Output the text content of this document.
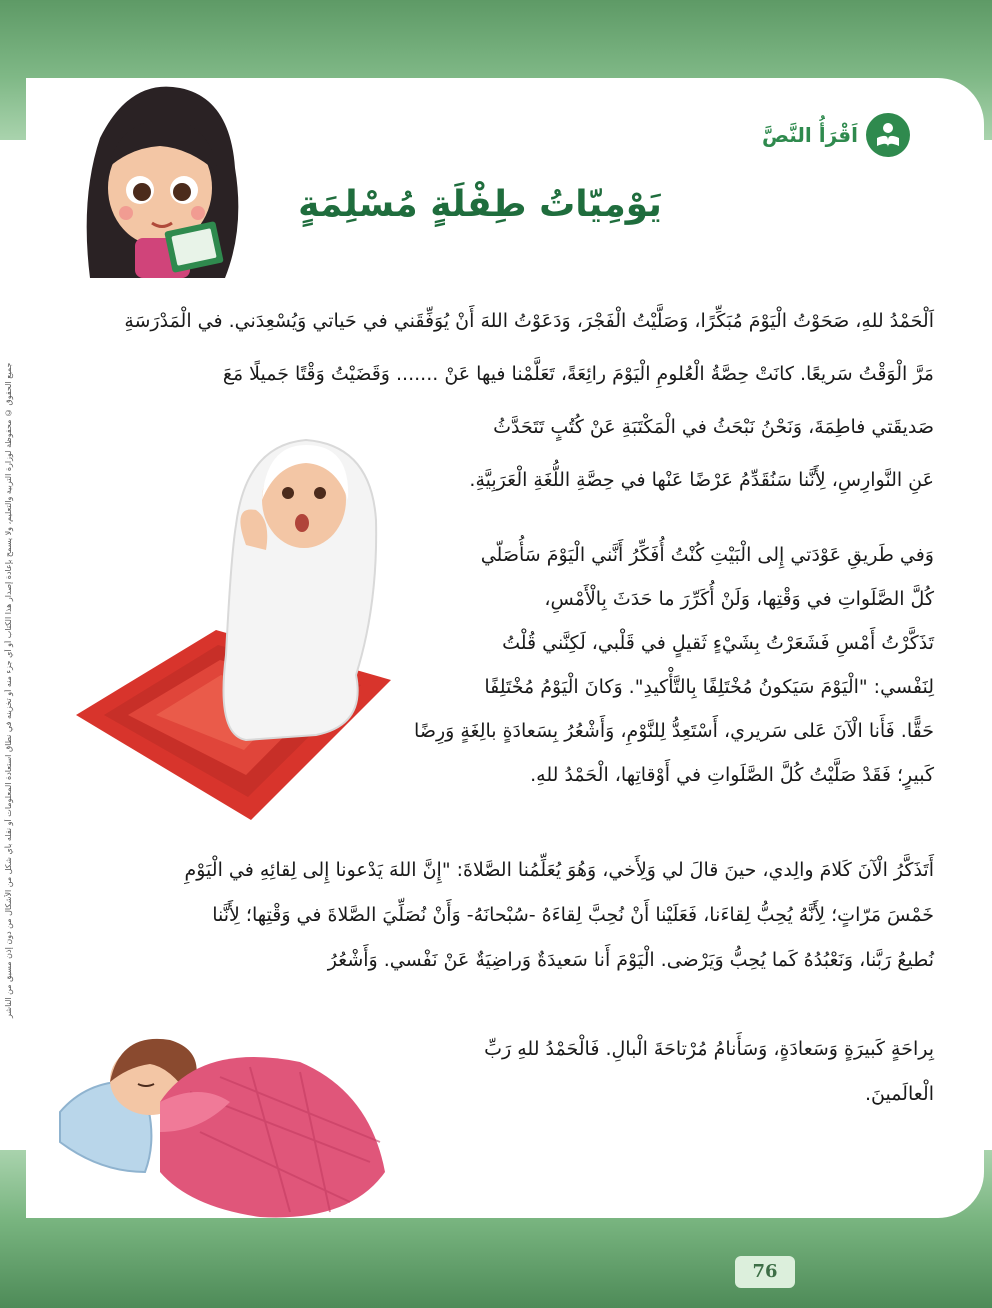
جميع الحقوق © محفوظة لوزارة التربية والتعليم، ولا يسمح بإعادة إصدار هذا الكتاب أو أي جزء منه أو تخزينه في نطاق استعادة المعلومات أو نقله بأي شكل من الأشكال من دون إذن مسبق من الناشر
اَقْرَأُ النَّصَّ
يَوْمِيّاتُ طِفْلَةٍ مُسْلِمَةٍ

اَلْحَمْدُ للهِ، صَحَوْتُ الْيَوْمَ مُبَكِّرًا، وَصَلَّيْتُ الْفَجْرَ، وَدَعَوْتُ اللهَ أَنْ يُوَفِّقَني في حَياتي وَيُسْعِدَني. في الْمَدْرَسَةِ

مَرَّ الْوَقْتُ سَريعًا. كانَتْ حِصَّةُ الْعُلومِ الْيَوْمَ رائِعَةً، تَعَلَّمْنا فيها عَنْ ....... وَقَضَيْتُ وَقْتًا جَميلًا مَعَ

صَديقَتي فاطِمَةَ، وَنَحْنُ نَبْحَثُ في الْمَكْتَبَةِ عَنْ كُتُبٍ تَتَحَدَّثُ

عَنِ النَّوارِسِ، لِأَنَّنا سَنُقَدِّمُ عَرْضًا عَنْها في حِصَّةِ اللُّغَةِ الْعَرَبِيَّةِ.

وَفي طَريقِ عَوْدَتي إِلى الْبَيْتِ كُنْتُ أُفَكِّرُ أَنَّني الْيَوْمَ سَأُصَلّي

كُلَّ الصَّلَواتِ في وَقْتِها، وَلَنْ أُكَرِّرَ ما حَدَثَ بِالْأَمْسِ،

تَذَكَّرْتُ أَمْسِ فَشَعَرْتُ بِشَيْءٍ ثَقيلٍ في قَلْبي، لَكِنَّني قُلْتُ

لِنَفْسي: "الْيَوْمَ سَيَكونُ مُخْتَلِفًا بِالتَّأْكيدِ". وَكانَ الْيَوْمُ مُخْتَلِفًا

حَقًّا. فَأَنا الْآنَ عَلى سَريري، أَسْتَعِدُّ لِلنَّوْمِ، وَأَشْعُرُ بِسَعادَةٍ بالِغَةٍ وَرِضًا

كَبيرٍ؛ فَقَدْ صَلَّيْتُ كُلَّ الصَّلَواتِ في أَوْقاتِها، الْحَمْدُ للهِ.

أَتَذَكَّرُ الْآنَ كَلامَ والِدي، حينَ قالَ لي وَلِأَخي، وَهُوَ يُعَلِّمُنا الصَّلاةَ: "إِنَّ اللهَ يَدْعونا إِلى لِقائِهِ في الْيَوْمِ

خَمْسَ مَرّاتٍ؛ لِأَنَّهُ يُحِبُّ لِقاءَنا، فَعَلَيْنا أَنْ نُحِبَّ لِقاءَهُ -سُبْحانَهُ- وَأَنْ نُصَلِّيَ الصَّلاةَ في وَقْتِها؛ لِأَنَّنا

نُطيعُ رَبَّنا، وَنَعْبُدُهُ كَما يُحِبُّ وَيَرْضى. الْيَوْمَ أَنا سَعيدَةٌ وَراضِيَةٌ عَنْ نَفْسي. وَأَشْعُرُ

بِراحَةٍ كَبيرَةٍ وَسَعادَةٍ، وَسَأَنامُ مُرْتاحَةَ الْبالِ. فَالْحَمْدُ للهِ رَبِّ

الْعالَمينَ.

76
